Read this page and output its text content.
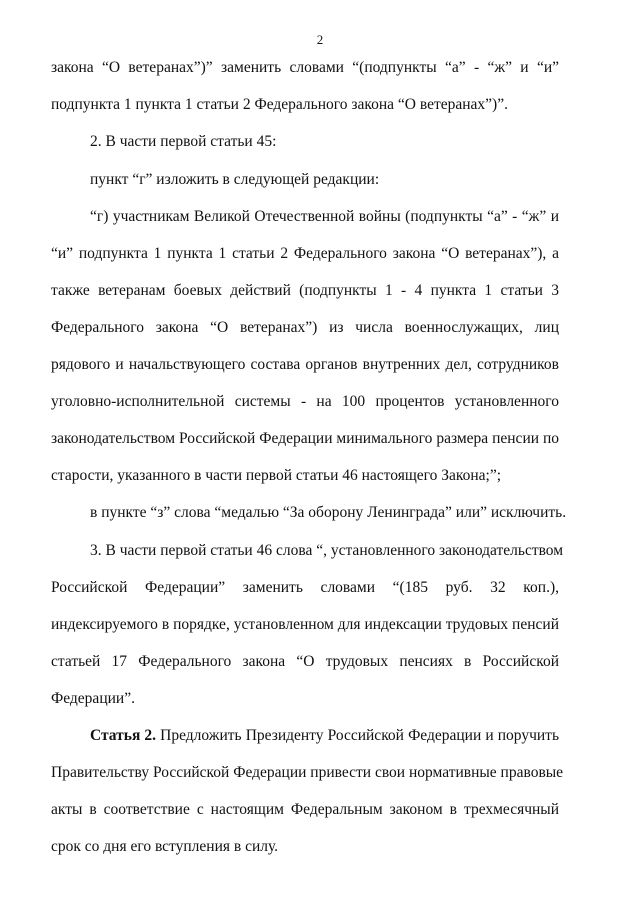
2
закона “О ветеранах”)” заменить словами “(подпункты “а” - “ж” и “и”
подпункта 1 пункта 1 статьи 2 Федерального закона “О ветеранах”)”.
2. В части первой статьи 45:
пункт “г” изложить в следующей редакции:
“г) участникам Великой Отечественной войны (подпункты “а” - “ж” и
“и” подпункта 1 пункта 1 статьи 2 Федерального закона “О ветеранах”), а
также ветеранам боевых действий (подпункты 1 - 4 пункта 1 статьи 3
Федерального закона “О ветеранах”) из числа военнослужащих, лиц
рядового и начальствующего состава органов внутренних дел, сотрудников
уголовно-исполнительной системы - на 100 процентов установленного
законодательством Российской Федерации минимального размера пенсии по
старости, указанного в части первой статьи 46 настоящего Закона;”;
в пункте “з” слова “медалью “За оборону Ленинграда” или” исключить.
3. В части первой статьи 46 слова “, установленного законодательством
Российской Федерации” заменить словами “(185 руб. 32 коп.),
индексируемого в порядке, установленном для индексации трудовых пенсий
статьей 17 Федерального закона “О трудовых пенсиях в Российской
Федерации”.
Статья 2. Предложить Президенту Российской Федерации и поручить
Правительству Российской Федерации привести свои нормативные правовые
акты в соответствие с настоящим Федеральным законом в трехмесячный
срок со дня его вступления в силу.
